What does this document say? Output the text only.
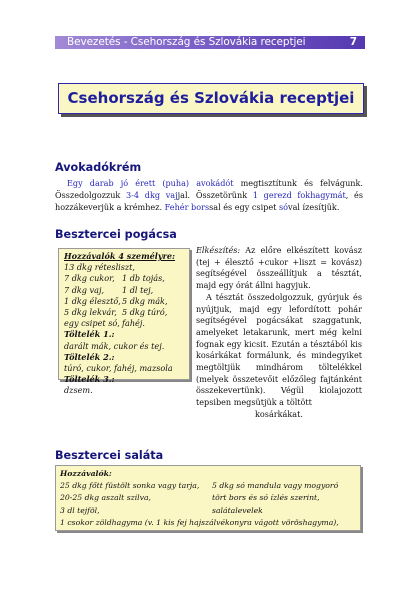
Bevezetés - Csehország és Szlovákia receptjei	7
Csehország és Szlovákia receptjei
Avokadókrém

Egy darab jó érett (puha) avokádót megtisztítunk és felvágunk. Összedolgozzuk 3-4 dkg vajjal. Összetörünk 1 gerezd fokhagymát, és hozzákeverjük a krémhez. Fehér borssal és egy csipet sóval ízesítjük.

Besztercei pogácsa
Hozzávalók 4 személyre:
13 dkg rétesliszt,
7 dkg cukor, 1 db tojás,
7 dkg vaj,	1 dl tej,
1 dkg élesztő, 5 dkg mák,
5 dkg lekvár, 5 dkg túró,
egy csipet só, fahéj.
Töltelék 1.:
darált mák, cukor és tej.
Töltelék 2.:
túró, cukor, fahéj, mazsola
Töltelék 3.:
dzsem.

Elkészítés: Az előre elkészített kovász (tej + élesztő +cukor +liszt = kovász) segítségével összeállítjuk a tésztát, majd egy órát állni hagyjuk.
A tésztát összedolgozzuk, gyúrjuk és nyújtjuk, majd egy lefordított pohár segítségével pogácsákat szaggatunk, amelyeket letakarunk, mert még kelni fognak egy kicsit. Ezután a tésztából kis kosárkákat formálunk, és mindegyiket megtöltjük mindhárom töltelékkel (melyek összetevőit előzőleg fajtánként összekevertünk). Végül kiolajozott tepsiben megsütjük a töltött
kosárkákat.

Besztercei saláta
Hozzávalók:
25 dkg főtt füstölt sonka vagy tarja,	5 dkg só mandula vagy mogyoró
20-25 dkg aszalt szilva,	tört bors és só ízlés szerint,
3 dl tejföl,	salátalevelek
1 csokor zöldhagyma (v. 1 kis fej hajszálvékonyra vágott vöröshagyma),
